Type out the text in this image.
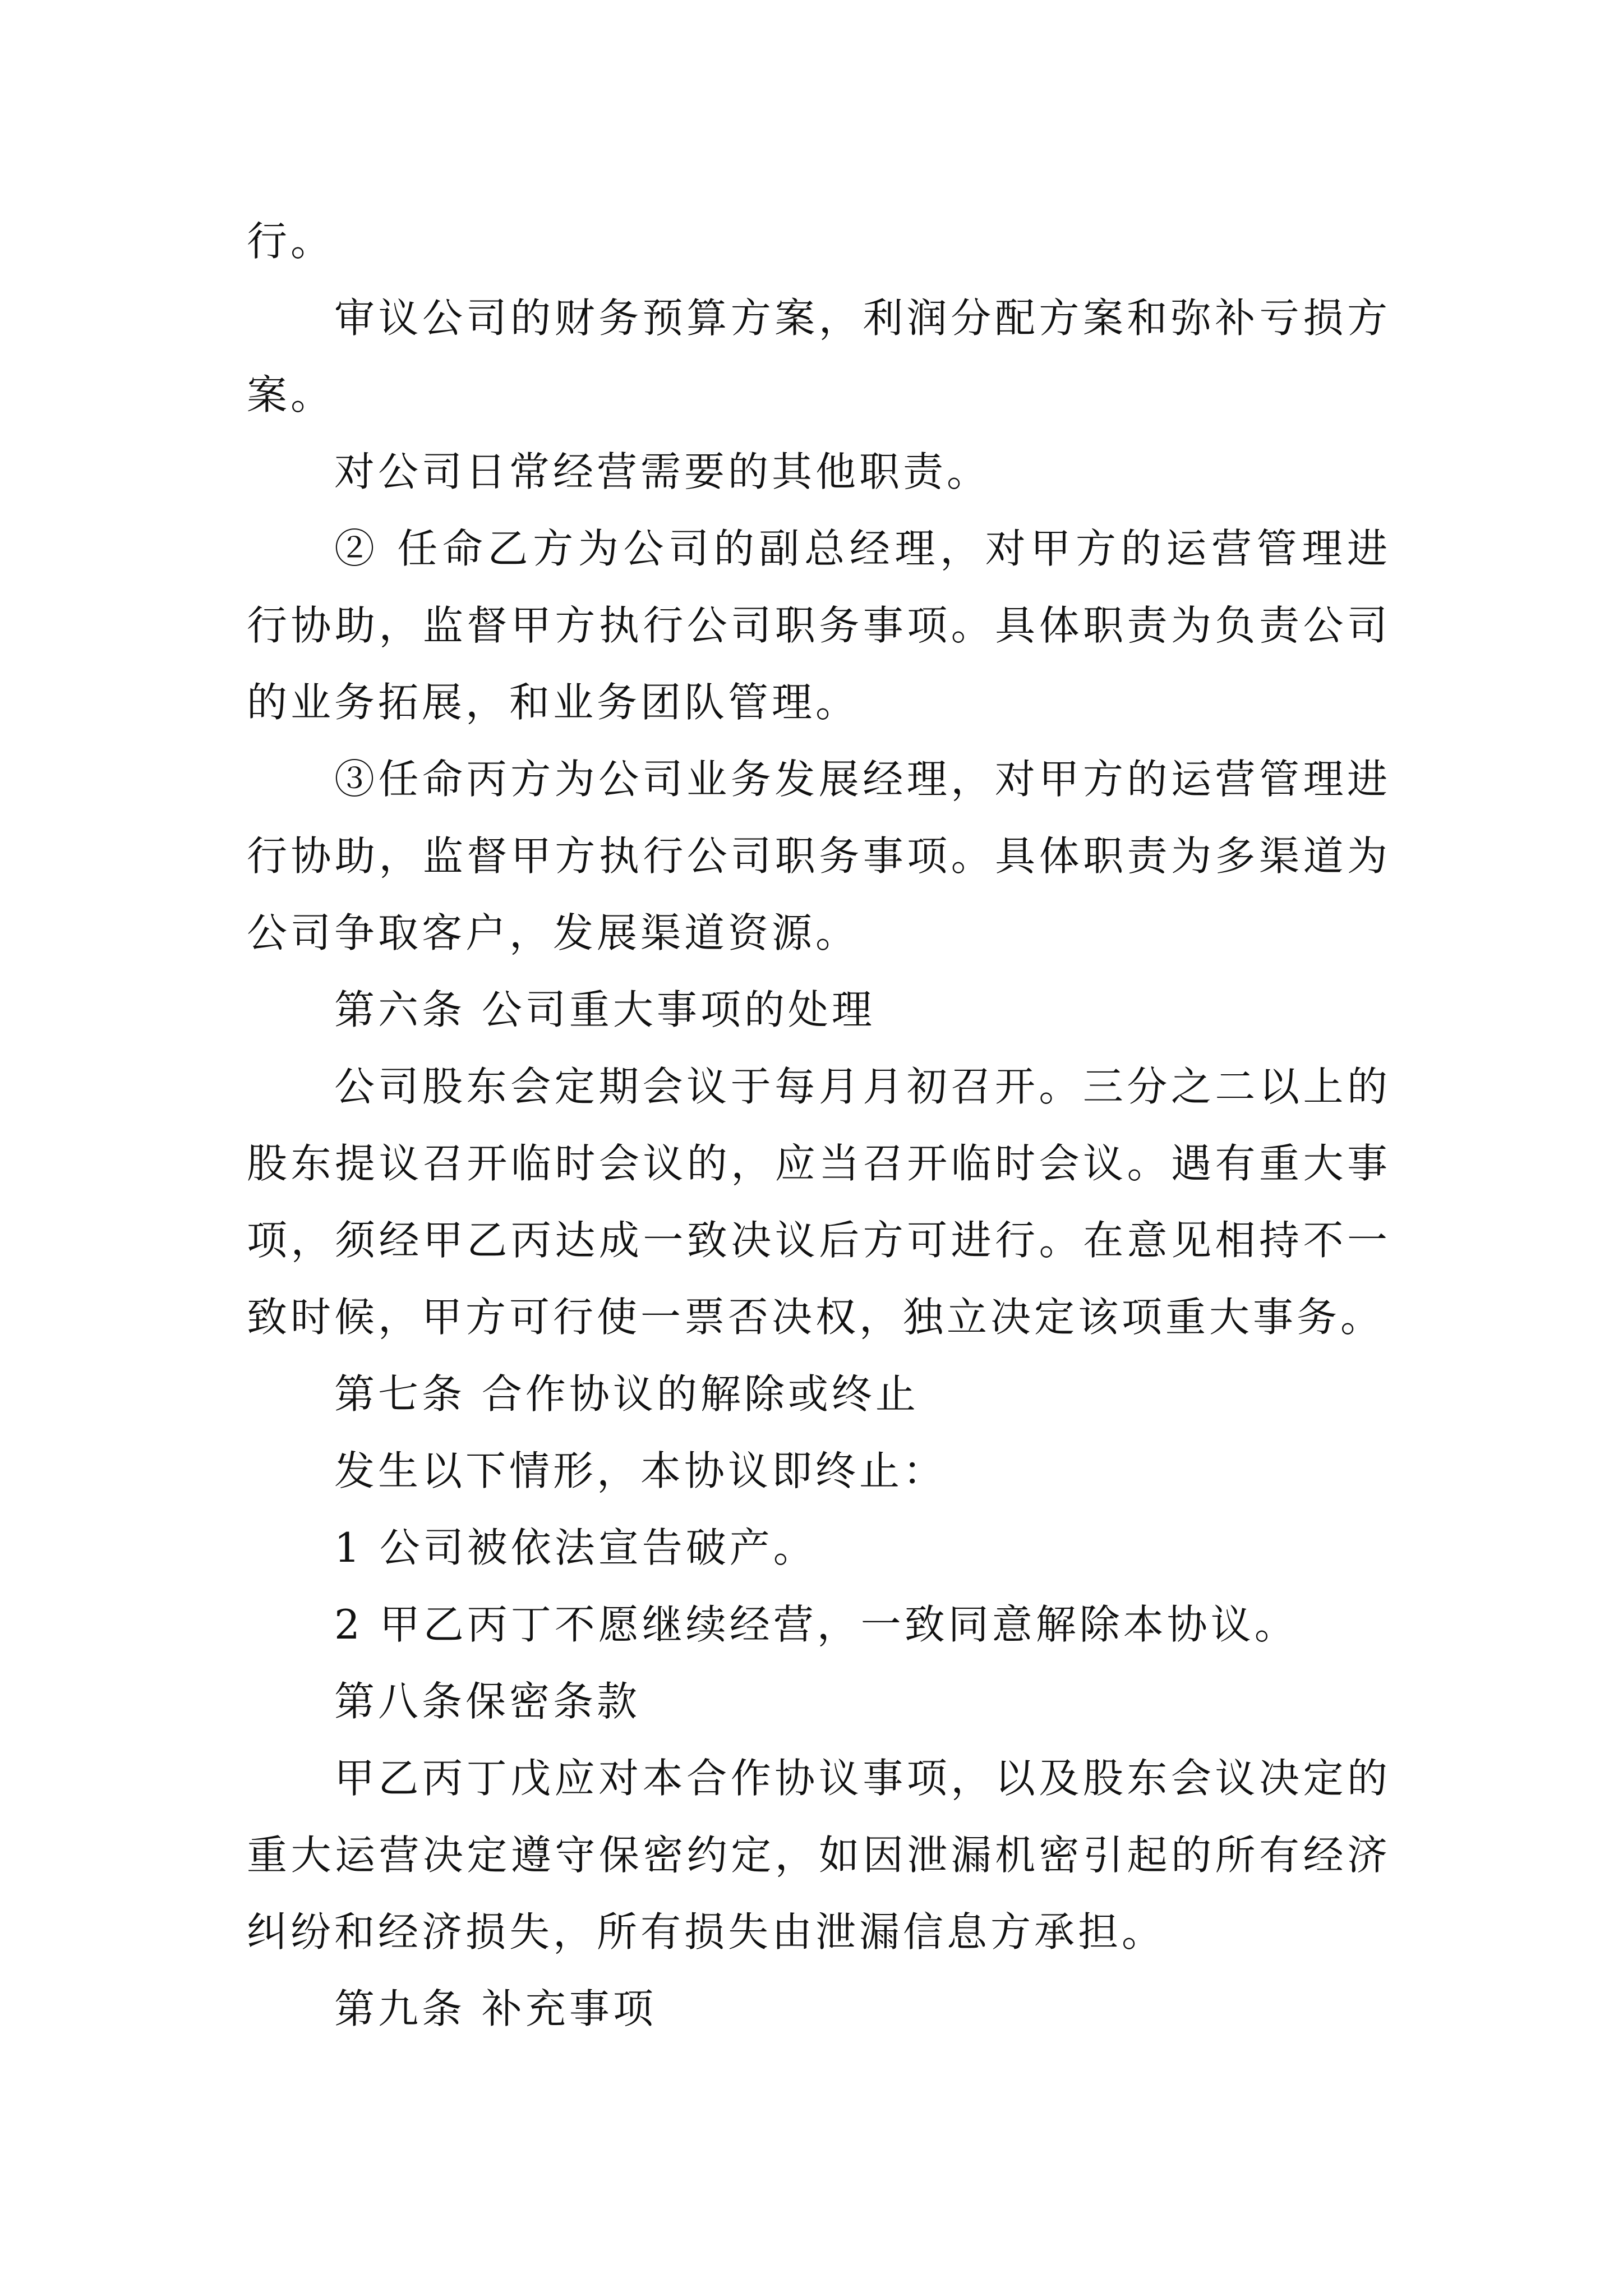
行。

审议公司的财务预算方案，利润分配方案和弥补亏损方案。

对公司日常经营需要的其他职责。

② 任命乙方为公司的副总经理，对甲方的运营管理进行协助，监督甲方执行公司职务事项。具体职责为负责公司的业务拓展，和业务团队管理。

③任命丙方为公司业务发展经理，对甲方的运营管理进行协助，监督甲方执行公司职务事项。具体职责为多渠道为公司争取客户，发展渠道资源。

第六条 公司重大事项的处理

公司股东会定期会议于每月月初召开。三分之二以上的股东提议召开临时会议的，应当召开临时会议。遇有重大事项，须经甲乙丙达成一致决议后方可进行。在意见相持不一致时候，甲方可行使一票否决权，独立决定该项重大事务。

第七条 合作协议的解除或终止

发生以下情形，本协议即终止：

1 公司被依法宣告破产。

2 甲乙丙丁不愿继续经营，一致同意解除本协议。

第八条保密条款

甲乙丙丁戊应对本合作协议事项，以及股东会议决定的重大运营决定遵守保密约定，如因泄漏机密引起的所有经济纠纷和经济损失，所有损失由泄漏信息方承担。

第九条 补充事项
